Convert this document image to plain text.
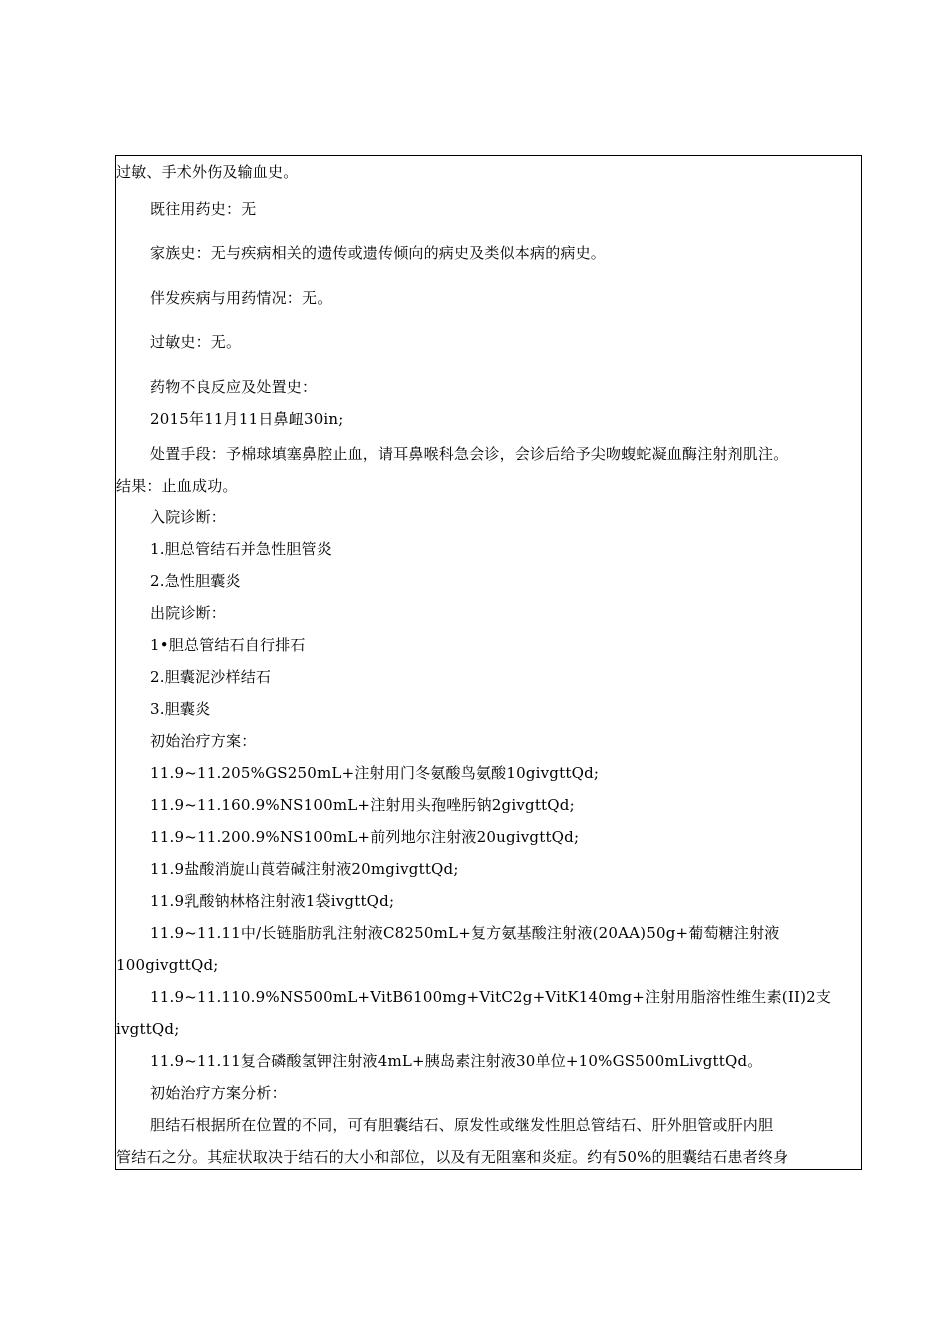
过敏、手术外伤及输血史。
既往用药史：无
家族史：无与疾病相关的遗传或遗传倾向的病史及类似本病的病史。
伴发疾病与用药情况：无。
过敏史：无。
药物不良反应及处置史：
2015年11月11日鼻衄30in;
处置手段：予棉球填塞鼻腔止血，请耳鼻喉科急会诊，会诊后给予尖吻蝮蛇凝血酶注射剂肌注。
结果：止血成功。
入院诊断：
1.胆总管结石并急性胆管炎
2.急性胆囊炎
出院诊断：
1•胆总管结石自行排石
2.胆囊泥沙样结石
3.胆囊炎
初始治疗方案：
11.9~11.205%GS250mL+注射用门冬氨酸鸟氨酸10givgttQd;
11.9~11.160.9%NS100mL+注射用头孢唑肟钠2givgttQd;
11.9~11.200.9%NS100mL+前列地尔注射液20ugivgttQd;
11.9盐酸消旋山莨菪碱注射液20mgivgttQd;
11.9乳酸钠林格注射液1袋ivgttQd;
11.9~11.11中/长链脂肪乳注射液C8250mL+复方氨基酸注射液(20AA)50g+葡萄糖注射液
100givgttQd;
11.9~11.110.9%NS500mL+VitB6100mg+VitC2g+VitK140mg+注射用脂溶性维生素(II)2支
ivgttQd;
11.9~11.11复合磷酸氢钾注射液4mL+胰岛素注射液30单位+10%GS500mLivgttQd。
初始治疗方案分析：
胆结石根据所在位置的不同，可有胆囊结石、原发性或继发性胆总管结石、肝外胆管或肝内胆
管结石之分。其症状取决于结石的大小和部位，以及有无阻塞和炎症。约有50%的胆囊结石患者终身
